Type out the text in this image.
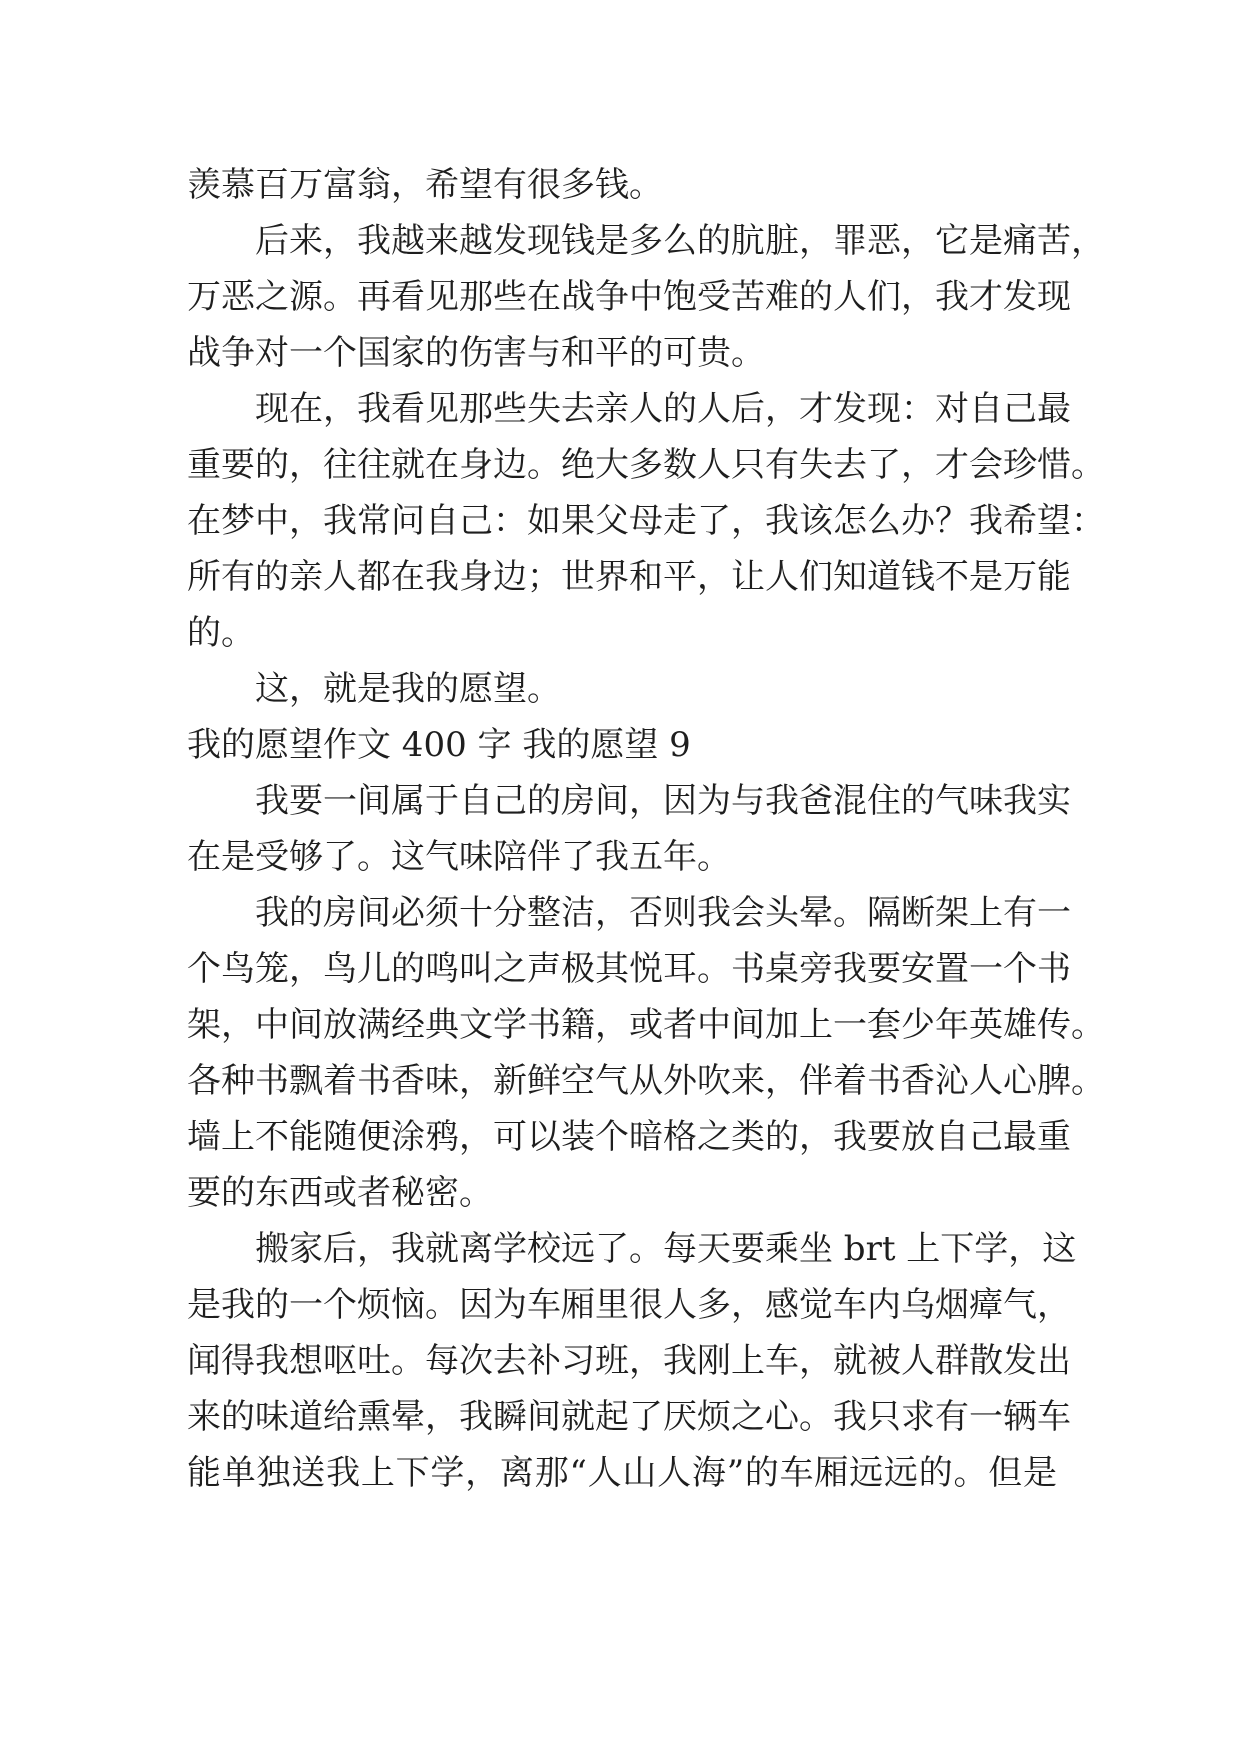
羡慕百万富翁，希望有很多钱。
后来，我越来越发现钱是多么的肮脏，罪恶，它是痛苦，
万恶之源。再看见那些在战争中饱受苦难的人们，我才发现
战争对一个国家的伤害与和平的可贵。
现在，我看见那些失去亲人的人后，才发现：对自己最
重要的，往往就在身边。绝大多数人只有失去了，才会珍惜。
在梦中，我常问自己：如果父母走了，我该怎么办？我希望：
所有的亲人都在我身边；世界和平，让人们知道钱不是万能
的。
这，就是我的愿望。
我的愿望作文 400 字 我的愿望 9
我要一间属于自己的房间，因为与我爸混住的气味我实
在是受够了。这气味陪伴了我五年。
我的房间必须十分整洁，否则我会头晕。隔断架上有一
个鸟笼，鸟儿的鸣叫之声极其悦耳。书桌旁我要安置一个书
架，中间放满经典文学书籍，或者中间加上一套少年英雄传。
各种书飘着书香味，新鲜空气从外吹来，伴着书香沁人心脾。
墙上不能随便涂鸦，可以装个暗格之类的，我要放自己最重
要的东西或者秘密。
搬家后，我就离学校远了。每天要乘坐 brt 上下学，这
是我的一个烦恼。因为车厢里很人多，感觉车内乌烟瘴气，
闻得我想呕吐。每次去补习班，我刚上车，就被人群散发出
来的味道给熏晕，我瞬间就起了厌烦之心。我只求有一辆车
能单独送我上下学，离那“人山人海”的车厢远远的。但是
